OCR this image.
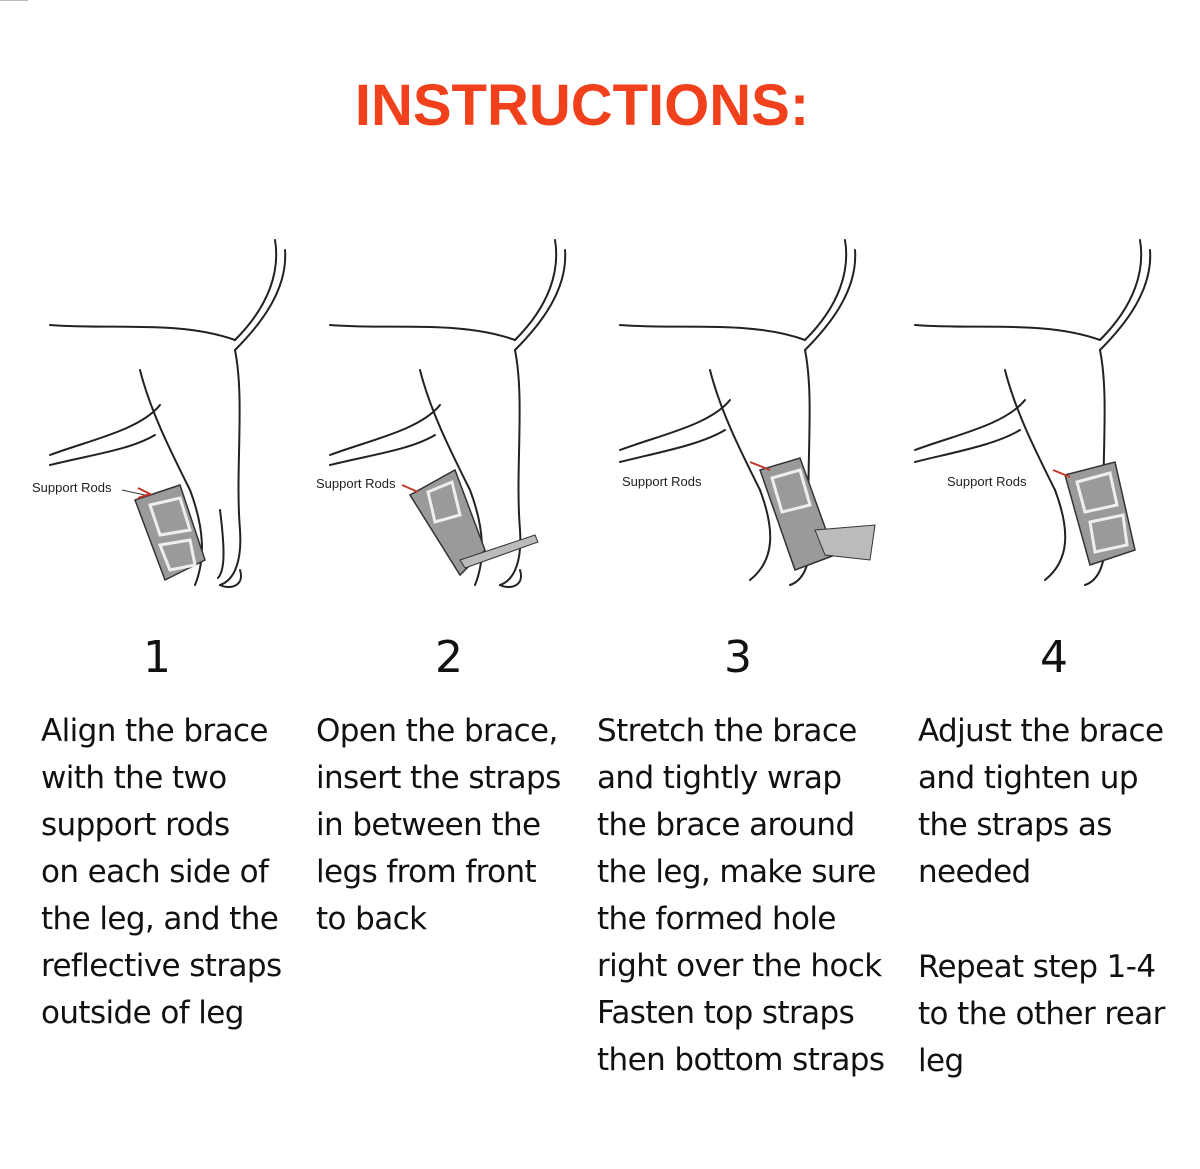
INSTRUCTIONS:
Support Rods	Support Rods	Support Rods	Support Rods
1	2	3	4
Align the brace
with the two
support rods
on each side of
the leg, and the
reflective straps
outside of leg
Open the brace,
insert the straps
in between the
legs from front
to back
Stretch the brace
and tightly wrap
the brace around
the leg, make sure
the formed hole
right over the hock
Fasten top straps
then bottom straps
Adjust the brace
and tighten up
the straps as
needed
Repeat step 1-4
to the other rear
leg
